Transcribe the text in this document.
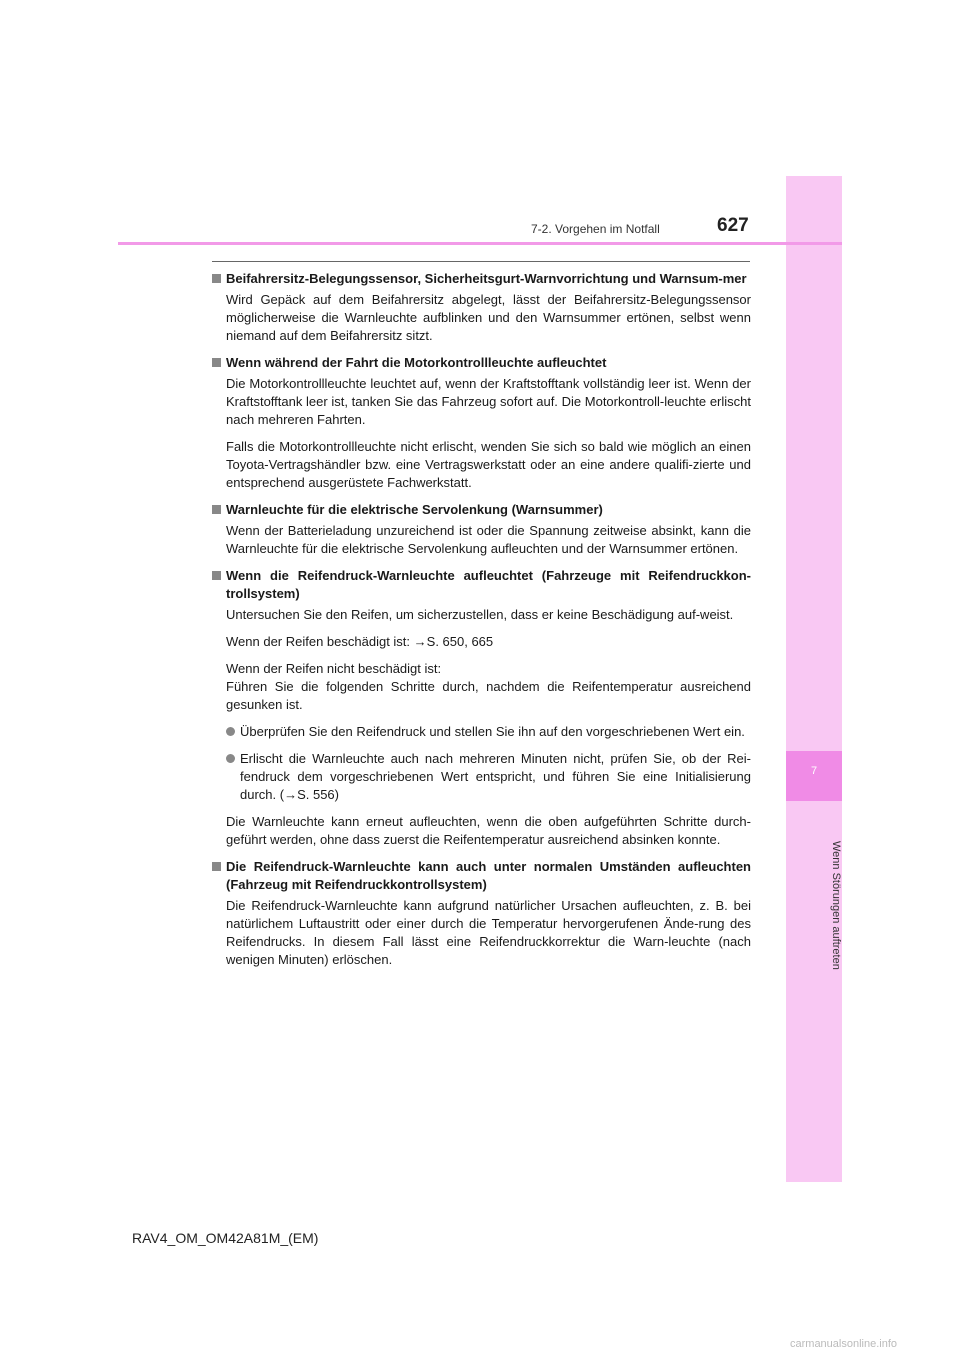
7
Wenn Störungen auftreten
7-2. Vorgehen im Notfall	627
Beifahrersitz-Belegungssensor, Sicherheitsgurt-Warnvorrichtung und Warnsum-mer
Wird Gepäck auf dem Beifahrersitz abgelegt, lässt der Beifahrersitz-Belegungssensor möglicherweise die Warnleuchte aufblinken und den Warnsummer ertönen, selbst wenn niemand auf dem Beifahrersitz sitzt.
Wenn während der Fahrt die Motorkontrollleuchte aufleuchtet
Die Motorkontrollleuchte leuchtet auf, wenn der Kraftstofftank vollständig leer ist. Wenn der Kraftstofftank leer ist, tanken Sie das Fahrzeug sofort auf. Die Motorkontroll-leuchte erlischt nach mehreren Fahrten.
Falls die Motorkontrollleuchte nicht erlischt, wenden Sie sich so bald wie möglich an einen Toyota-Vertragshändler bzw. eine Vertragswerkstatt oder an eine andere qualifi-zierte und entsprechend ausgerüstete Fachwerkstatt.
Warnleuchte für die elektrische Servolenkung (Warnsummer)
Wenn der Batterieladung unzureichend ist oder die Spannung zeitweise absinkt, kann die Warnleuchte für die elektrische Servolenkung aufleuchten und der Warnsummer ertönen.
Wenn die Reifendruck-Warnleuchte aufleuchtet (Fahrzeuge mit Reifendruckkon-trollsystem)
Untersuchen Sie den Reifen, um sicherzustellen, dass er keine Beschädigung auf-weist.
Wenn der Reifen beschädigt ist: →S. 650, 665
Wenn der Reifen nicht beschädigt ist:
Führen Sie die folgenden Schritte durch, nachdem die Reifentemperatur ausreichend gesunken ist.
Überprüfen Sie den Reifendruck und stellen Sie ihn auf den vorgeschriebenen Wert ein.
Erlischt die Warnleuchte auch nach mehreren Minuten nicht, prüfen Sie, ob der Rei-fendruck dem vorgeschriebenen Wert entspricht, und führen Sie eine Initialisierung durch. (→S. 556)
Die Warnleuchte kann erneut aufleuchten, wenn die oben aufgeführten Schritte durch-geführt werden, ohne dass zuerst die Reifentemperatur ausreichend absinken konnte.
Die Reifendruck-Warnleuchte kann auch unter normalen Umständen aufleuchten (Fahrzeug mit Reifendruckkontrollsystem)
Die Reifendruck-Warnleuchte kann aufgrund natürlicher Ursachen aufleuchten, z. B. bei natürlichem Luftaustritt oder einer durch die Temperatur hervorgerufenen Ände-rung des Reifendrucks. In diesem Fall lässt eine Reifendruckkorrektur die Warn-leuchte (nach wenigen Minuten) erlöschen.
RAV4_OM_OM42A81M_(EM)
carmanualsonline.info
